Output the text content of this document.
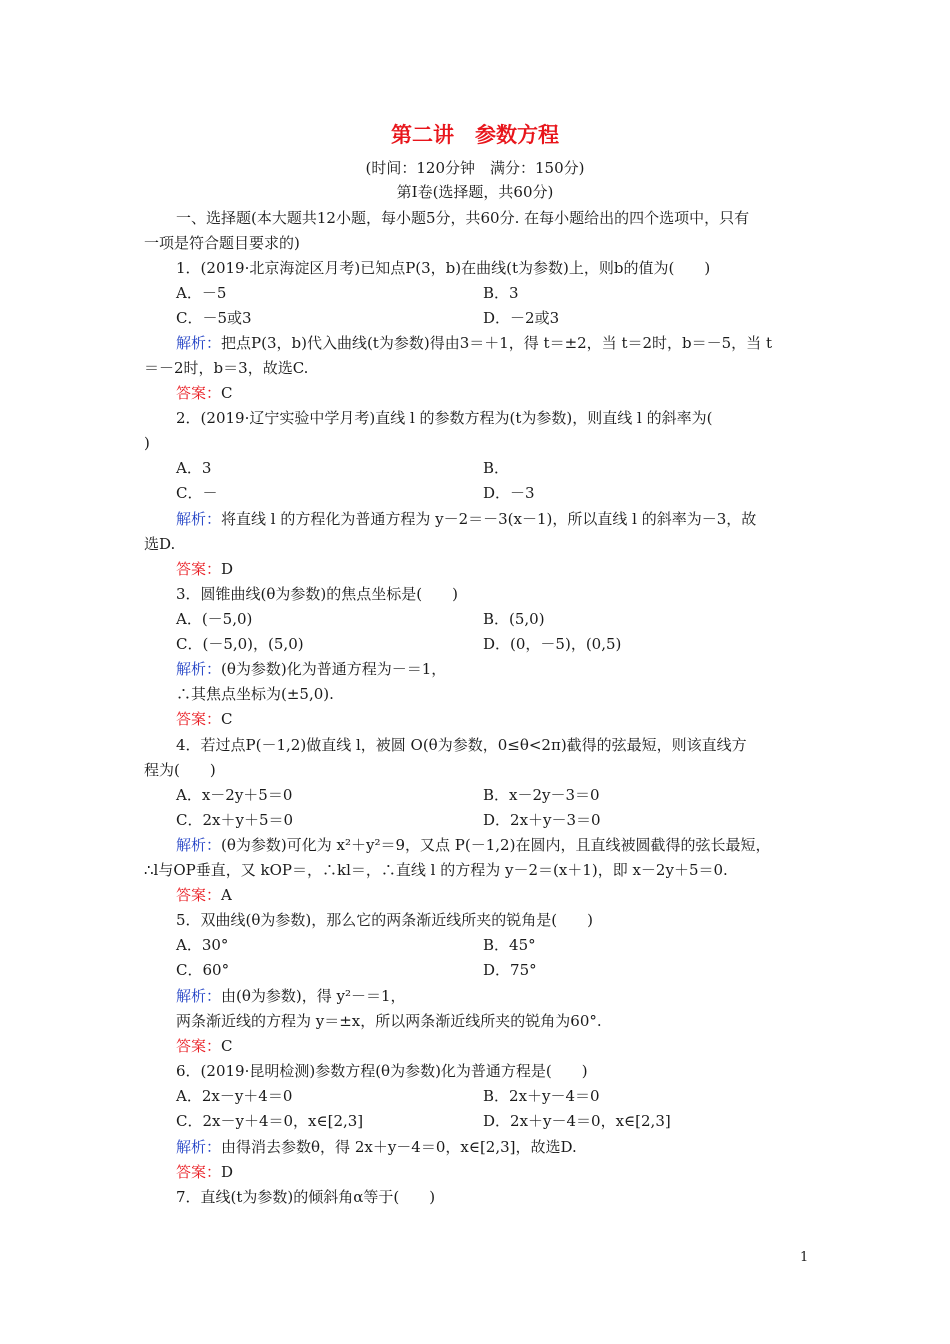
第二讲　参数方程
(时间：120分钟　满分：150分)
第Ⅰ卷(选择题，共60分)
一、选择题(本大题共12小题，每小题5分，共60分. 在每小题给出的四个选项中，只有
一项是符合题目要求的)
1．(2019·北京海淀区月考)已知点P(3，b)在曲线(t为参数)上，则b的值为(　　)
A．－5	B．3
C．－5或3	D．－2或3
解析：把点P(3，b)代入曲线(t为参数)得由3＝＋1，得 t＝±2，当 t＝2时，b＝－5，当 t
＝－2时，b＝3，故选C.
答案：C
2．(2019·辽宁实验中学月考)直线 l 的参数方程为(t为参数)，则直线 l 的斜率为(
)
A．3	B．
C．－	D．－3
解析：将直线 l 的方程化为普通方程为 y－2＝－3(x－1)，所以直线 l 的斜率为－3，故
选D.
答案：D
3．圆锥曲线(θ为参数)的焦点坐标是(　　)
A．(－5,0)	B．(5,0)
C．(－5,0)，(5,0)	D．(0，－5)，(0,5)
解析：(θ为参数)化为普通方程为－＝1，
∴其焦点坐标为(±5,0).
答案：C
4．若过点P(－1,2)做直线 l，被圆 O(θ为参数，0≤θ<2π)截得的弦最短，则该直线方
程为(　　)
A．x－2y＋5＝0	B．x－2y－3＝0
C．2x＋y＋5＝0	D．2x＋y－3＝0
解析：(θ为参数)可化为 x²＋y²＝9，又点 P(－1,2)在圆内，且直线被圆截得的弦长最短，
∴l与OP垂直，又 kOP＝，∴kl＝，∴直线 l 的方程为 y－2＝(x＋1)，即 x－2y＋5＝0.
答案：A
5．双曲线(θ为参数)，那么它的两条渐近线所夹的锐角是(　　)
A．30°	B．45°
C．60°	D．75°
解析：由(θ为参数)，得 y²－＝1，
两条渐近线的方程为 y＝±x，所以两条渐近线所夹的锐角为60°.
答案：C
6．(2019·昆明检测)参数方程(θ为参数)化为普通方程是(　　)
A．2x－y＋4＝0	B．2x＋y－4＝0
C．2x－y＋4＝0，x∈[2,3]	D．2x＋y－4＝0，x∈[2,3]
解析：由得消去参数θ，得 2x＋y－4＝0，x∈[2,3]，故选D.
答案：D
7．直线(t为参数)的倾斜角α等于(　　)
1
